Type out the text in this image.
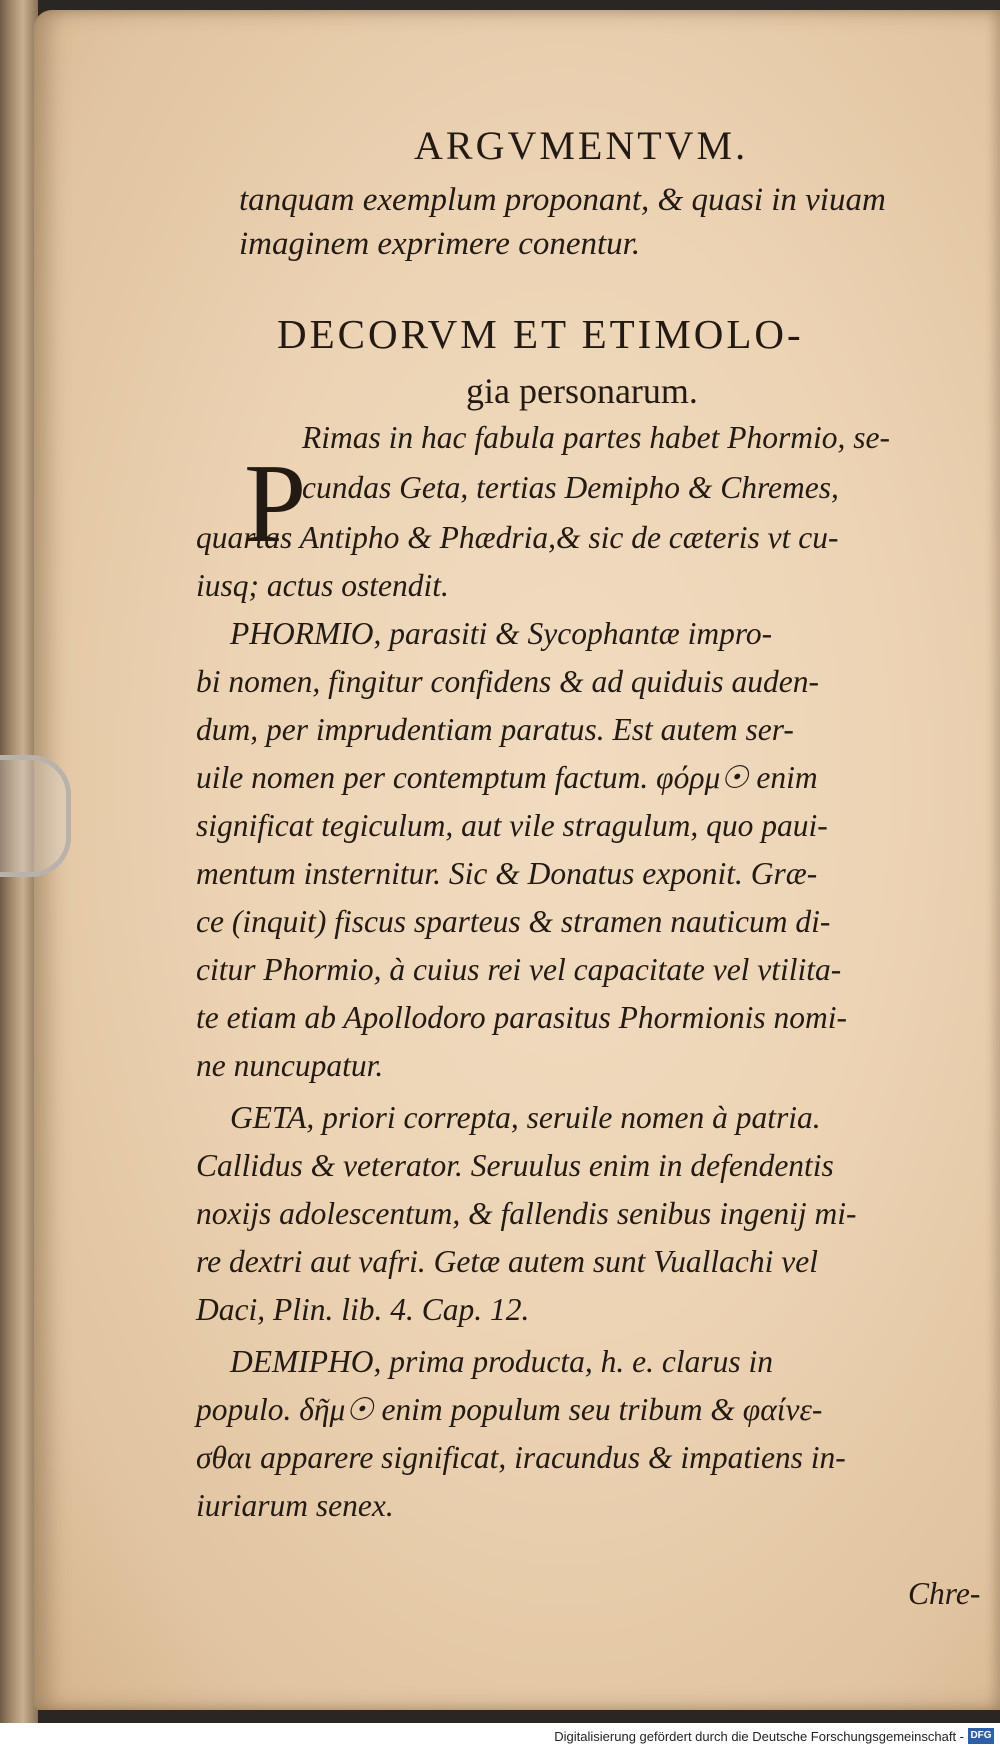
ARGVMENTVM.
tanquam exemplum proponant, & quasi in viuam
imaginem exprimere conentur.
DECORVM ET ETIMOLO-
gia personarum.
P
Rimas in hac fabula partes habet Phormio, se-
cundas Geta, tertias Demipho & Chremes,
quartas Antipho & Phædria,& sic de cæteris vt cu-
iusq; actus ostendit.
PHORMIO, parasiti & Sycophantæ impro-
bi nomen, fingitur confidens & ad quiduis auden-
dum, per imprudentiam paratus. Est autem ser-
uile nomen per contemptum factum. φόρμ☉ enim
significat tegiculum, aut vile stragulum, quo paui-
mentum insternitur. Sic & Donatus exponit. Græ-
ce (inquit) fiscus sparteus & stramen nauticum di-
citur Phormio, à cuius rei vel capacitate vel vtilita-
te etiam ab Apollodoro parasitus Phormionis nomi-
ne nuncupatur.
GETA, priori correpta, seruile nomen à patria.
Callidus & veterator. Seruulus enim in defendentis
noxijs adolescentum, & fallendis senibus ingenij mi-
re dextri aut vafri. Getæ autem sunt Vuallachi vel
Daci, Plin. lib. 4. Cap. 12.
DEMIPHO, prima producta, h. e. clarus in
populo. δῆμ☉ enim populum seu tribum & φαίνε-
σθαι apparere significat, iracundus & impatiens in-
iuriarum senex.
Chre-
Digitalisierung gefördert durch die Deutsche Forschungsgemeinschaft - DFG
